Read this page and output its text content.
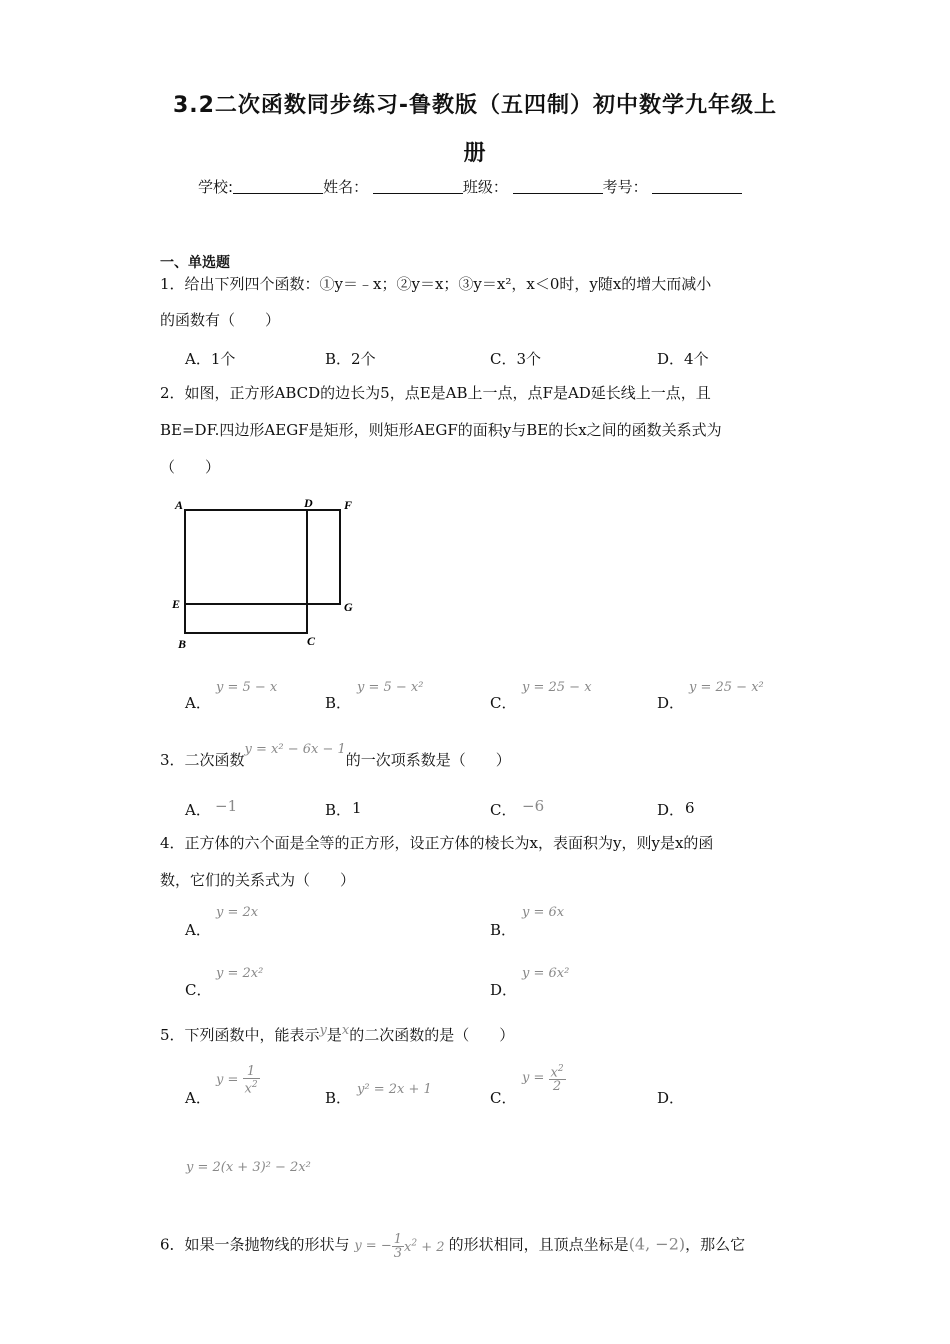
3.2二次函数同步练习-鲁教版（五四制）初中数学九年级上
册
学校:	姓名：	班级：	考号：
一、单选题
1．给出下列四个函数：①y＝﹣x；②y＝x；③y＝x²，x＜0时，y随x的增大而减小
的函数有（　　）
A．1个	B．2个	C．3个	D．4个
2．如图，正方形ABCD的边长为5，点E是AB上一点，点F是AD延长线上一点，且
BE=DF.四边形AEGF是矩形，则矩形AEGF的面积y与BE的长x之间的函数关系式为
（　　）
A	D	F
E	G
B	C
A．
y = 5 − x
B．
y = 5 − x²
C．
y = 25 − x
D．
y = 25 − x²
3．二次函数y = x² − 6x − 1的一次项系数是（　　）
A． −1	B． 1	C． −6	D． 6
4．正方体的六个面是全等的正方形，设正方体的棱长为x，表面积为y，则y是x的函
数，它们的关系式为（　　）
A．
y = 2x
B．
y = 6x
C．
y = 2x²
D．
y = 6x²
5．下列函数中，能表示y是x的二次函数的是（　　）
A．
$y = \frac{1}{x^2}$
B． y² = 2x + 1	C．
$y = \frac{x^2}{2}$
D．
y = 2(x + 3)² − 2x²
6．如果一条抛物线的形状与 y = − $\frac{1}{3} x^2 + 2$ 的形状相同，且顶点坐标是(4, −2)，那么它
